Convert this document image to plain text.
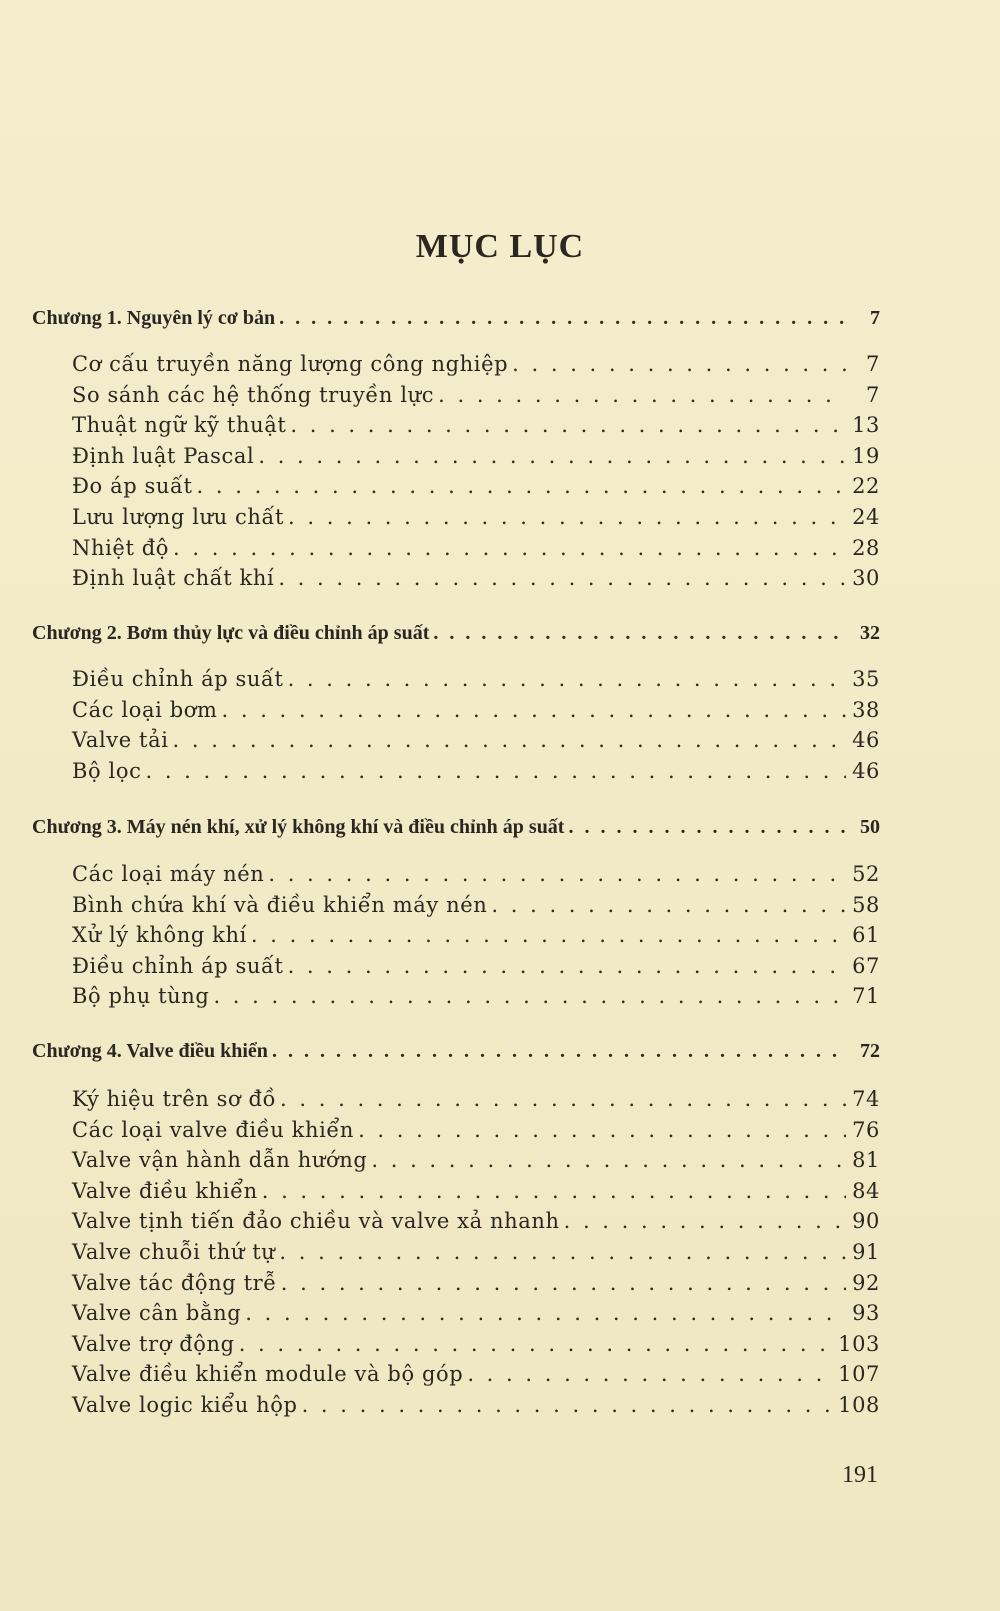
MỤC LỤC
Chương 1. Nguyên lý cơ bản . . .	7
Cơ cấu truyền năng lượng công nghiệp . . .	7
So sánh các hệ thống truyền lực . . .	7
Thuật ngữ kỹ thuật . . .	13
Định luật Pascal . . .	19
Đo áp suất . . .	22
Lưu lượng lưu chất . . .	24
Nhiệt độ . . .	28
Định luật chất khí . . .	30
Chương 2. Bơm thủy lực và điều chỉnh áp suất . . .	32
Điều chỉnh áp suất . . .	35
Các loại bơm . . .	38
Valve tải . . .	46
Bộ lọc . . .	46
Chương 3. Máy nén khí, xử lý không khí và điều chỉnh áp suất . . .	50
Các loại máy nén . . .	52
Bình chứa khí và điều khiển máy nén . . .	58
Xử lý không khí . . .	61
Điều chỉnh áp suất . . .	67
Bộ phụ tùng . . .	71
Chương 4. Valve điều khiển . . .	72
Ký hiệu trên sơ đồ . . .	74
Các loại valve điều khiển . . .	76
Valve vận hành dẫn hướng . . .	81
Valve điều khiển . . .	84
Valve tịnh tiến đảo chiều và valve xả nhanh . . .	90
Valve chuỗi thứ tự . . .	91
Valve tác động trễ . . .	92
Valve cân bằng . . .	93
Valve trợ động . . .	103
Valve điều khiển module và bộ góp . . .	107
Valve logic kiểu hộp . . .	108
191
